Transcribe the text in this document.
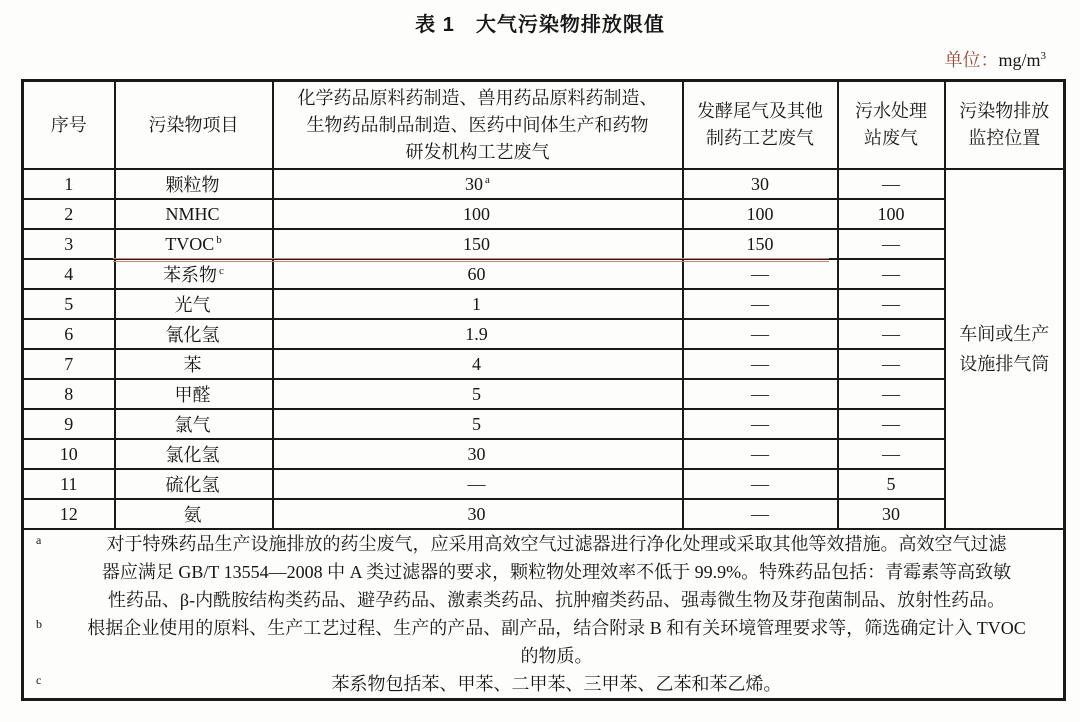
表 1　大气污染物排放限值
单位：$mg/m^3$
序号	污染物项目	化学药品原料药制造、兽用药品原料药制造、
生物药品制品制造、医药中间体生产和药物
研发机构工艺废气	发酵尾气及其他
制药工艺废气	污水处理
站废气	污染物排放
监控位置

1	颗粒物	30 $^a$	30	—	车间或生产
设施排气筒

2	NMHC	100	100	100	
3	TVOC $^b$	150	150	—	
4	苯系物 $^c$	60	—	—	
5	光气	1	—	—	
6	氰化氢	1.9	—	—	
7	苯	4	—	—	
8	甲醛	5	—	—	
9	氯气	5	—	—	
10	氯化氢	30	—	—	
11	硫化氢	—	—	5	
12	氨	30	—	30	

a	对于特殊药品生产设施排放的药尘废气，应采用高效空气过滤器进行净化处理或采取其他等效措施。高效空气过滤
器应满足 GB/T 13554—2008 中 A 类过滤器的要求，颗粒物处理效率不低于 99.9%。特殊药品包括：青霉素等高致敏
性药品、β-内酰胺结构类药品、避孕药品、激素类药品、抗肿瘤类药品、强毒微生物及芽孢菌制品、放射性药品。
b	根据企业使用的原料、生产工艺过程、生产的产品、副产品，结合附录 B 和有关环境管理要求等，筛选确定计入 TVOC
的物质。
c	苯系物包括苯、甲苯、二甲苯、三甲苯、乙苯和苯乙烯。
